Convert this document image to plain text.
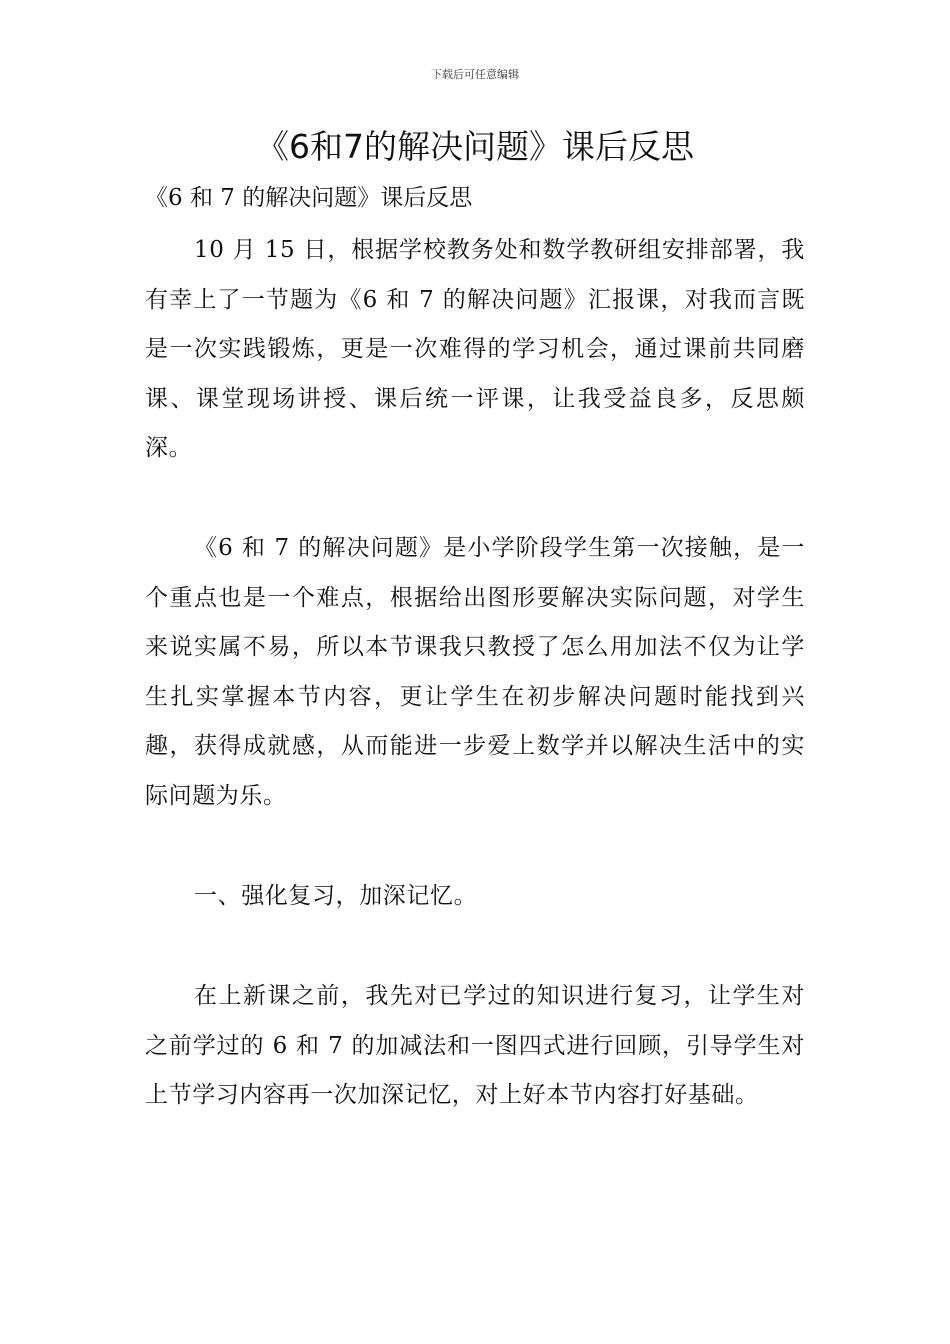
下载后可任意编辑
《6和7的解决问题》课后反思
《6 和 7 的解决问题》课后反思

10 月 15 日，根据学校教务处和数学教研组安排部署，我有幸上了一节题为《6 和 7 的解决问题》汇报课，对我而言既是一次实践锻炼，更是一次难得的学习机会，通过课前共同磨课、课堂现场讲授、课后统一评课，让我受益良多，反思颇深。

《6 和 7 的解决问题》是小学阶段学生第一次接触，是一个重点也是一个难点，根据给出图形要解决实际问题，对学生来说实属不易，所以本节课我只教授了怎么用加法不仅为让学生扎实掌握本节内容，更让学生在初步解决问题时能找到兴趣，获得成就感，从而能进一步爱上数学并以解决生活中的实际问题为乐。

一、强化复习，加深记忆。

在上新课之前，我先对已学过的知识进行复习，让学生对之前学过的 6 和 7 的加减法和一图四式进行回顾，引导学生对上节学习内容再一次加深记忆，对上好本节内容打好基础。
